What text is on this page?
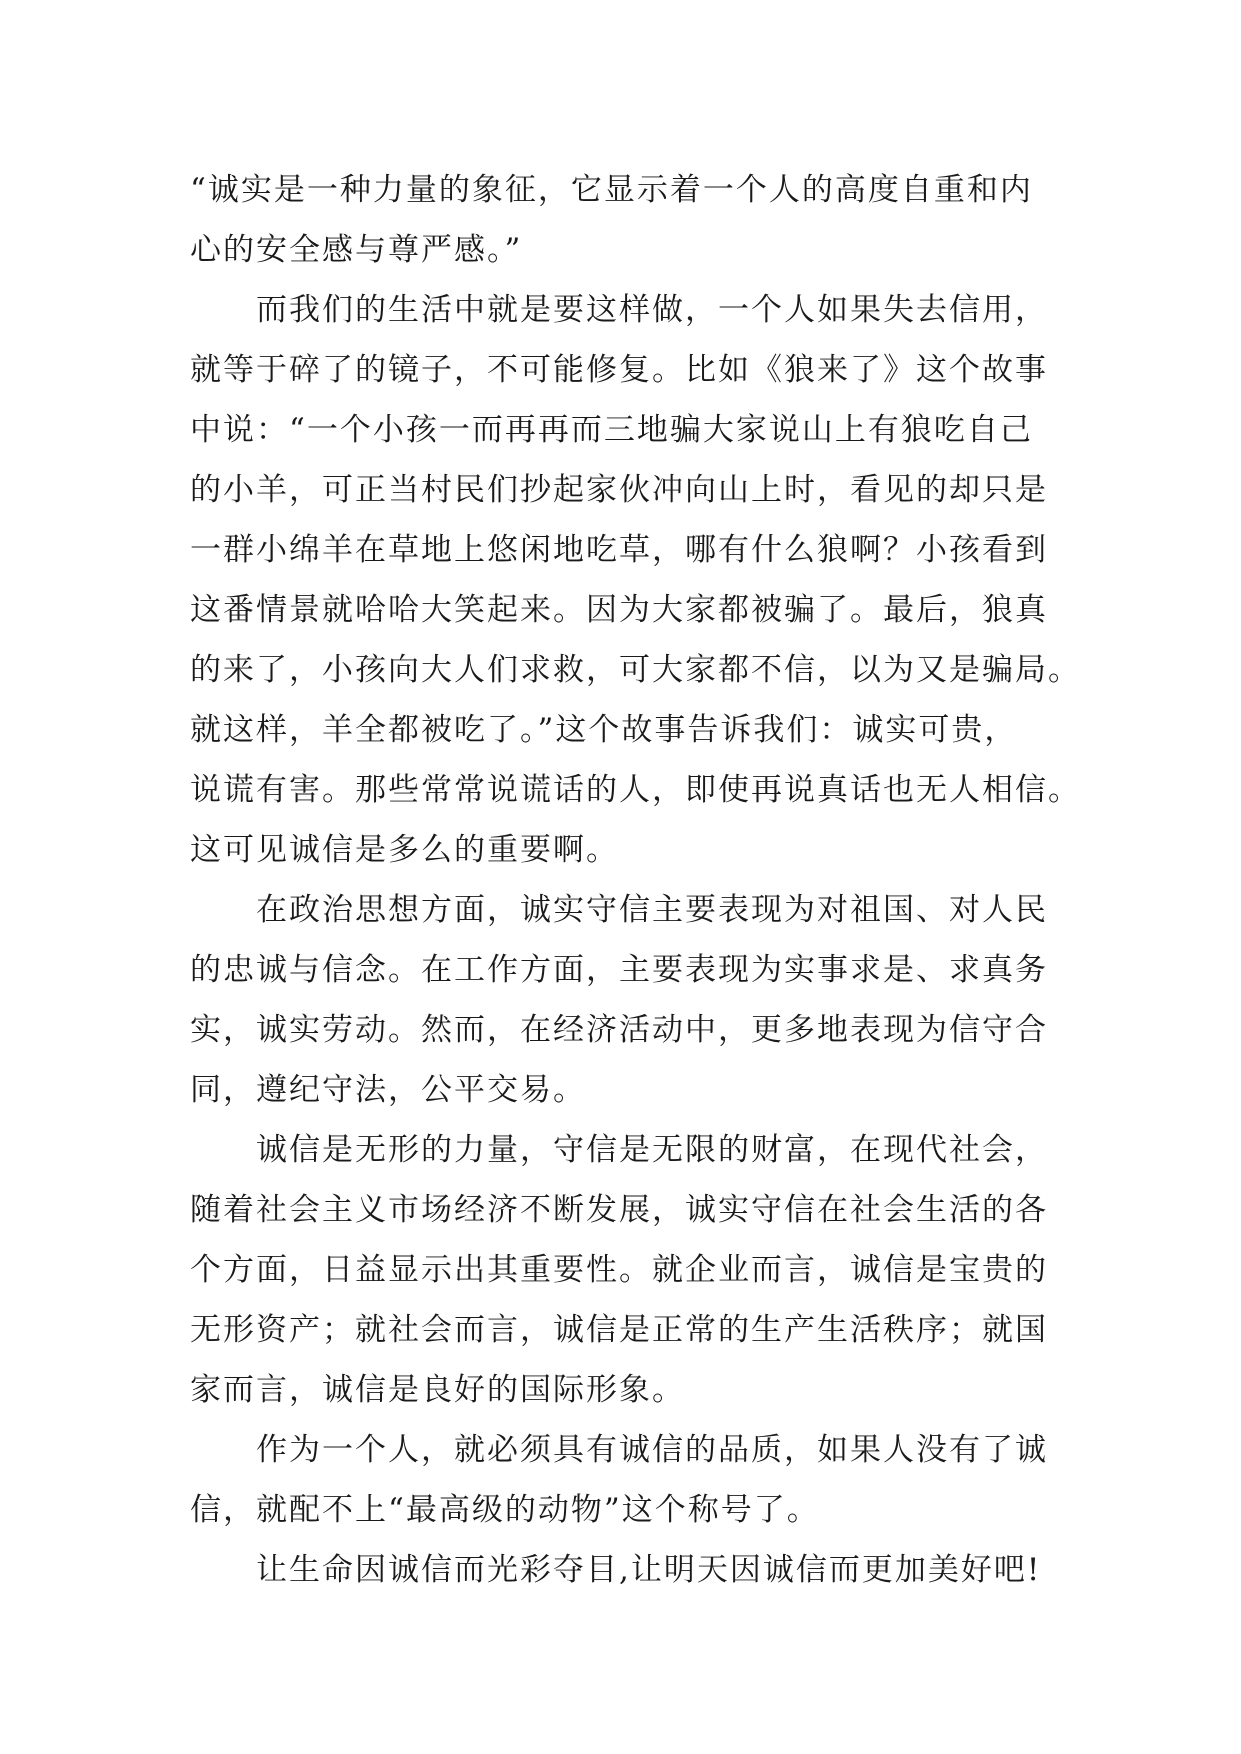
“诚实是一种力量的象征，它显示着一个人的高度自重和内
心的安全感与尊严感。”
　　而我们的生活中就是要这样做，一个人如果失去信用，
就等于碎了的镜子，不可能修复。比如《狼来了》这个故事
中说：“一个小孩一而再再而三地骗大家说山上有狼吃自己
的小羊，可正当村民们抄起家伙冲向山上时，看见的却只是
一群小绵羊在草地上悠闲地吃草，哪有什么狼啊？小孩看到
这番情景就哈哈大笑起来。因为大家都被骗了。最后，狼真
的来了，小孩向大人们求救，可大家都不信，以为又是骗局。
就这样，羊全都被吃了。”这个故事告诉我们：诚实可贵，
说谎有害。那些常常说谎话的人，即使再说真话也无人相信。
这可见诚信是多么的重要啊。
　　在政治思想方面，诚实守信主要表现为对祖国、对人民
的忠诚与信念。在工作方面，主要表现为实事求是、求真务
实，诚实劳动。然而，在经济活动中，更多地表现为信守合
同，遵纪守法，公平交易。
　　诚信是无形的力量，守信是无限的财富，在现代社会，
随着社会主义市场经济不断发展，诚实守信在社会生活的各
个方面，日益显示出其重要性。就企业而言，诚信是宝贵的
无形资产；就社会而言，诚信是正常的生产生活秩序；就国
家而言，诚信是良好的国际形象。
　　作为一个人，就必须具有诚信的品质，如果人没有了诚
信，就配不上“最高级的动物”这个称号了。
　　让生命因诚信而光彩夺目,让明天因诚信而更加美好吧!
